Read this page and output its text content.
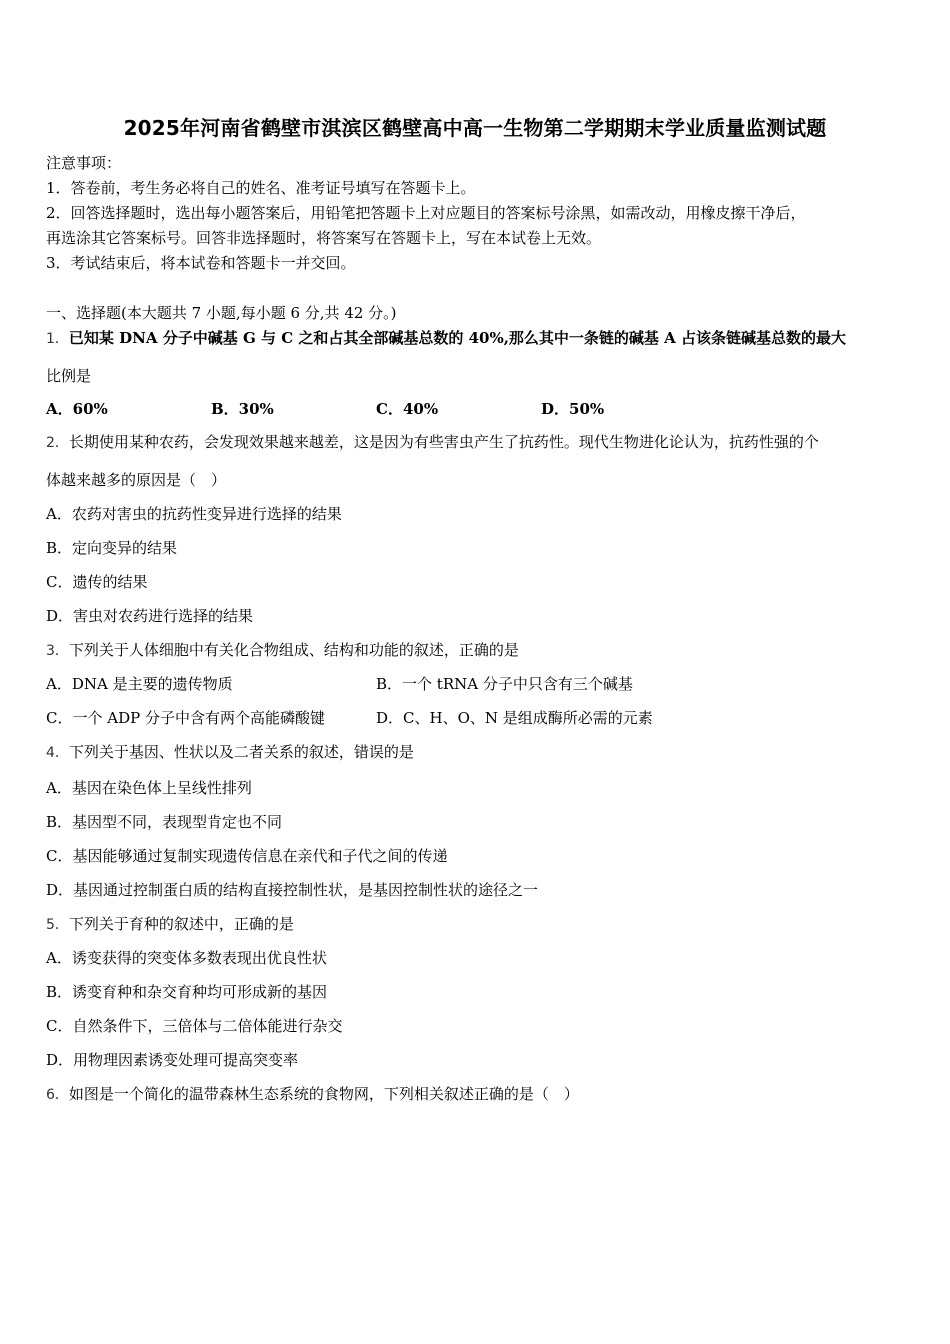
2025年河南省鹤壁市淇滨区鹤壁高中高一生物第二学期期末学业质量监测试题
注意事项：
1．答卷前，考生务必将自己的姓名、准考证号填写在答题卡上。
2．回答选择题时，选出每小题答案后，用铅笔把答题卡上对应题目的答案标号涂黑，如需改动，用橡皮擦干净后，
再选涂其它答案标号。回答非选择题时，将答案写在答题卡上，写在本试卷上无效。
3．考试结束后，将本试卷和答题卡一并交回。
一、选择题(本大题共 7 小题,每小题 6 分,共 42 分。)
1．已知某 DNA 分子中碱基 G 与 C 之和占其全部碱基总数的 40%,那么其中一条链的碱基 A 占该条链碱基总数的最大
比例是
A．60%	B．30%	C．40%	D．50%
2．长期使用某种农药，会发现效果越来越差，这是因为有些害虫产生了抗药性。现代生物进化论认为，抗药性强的个
体越来越多的原因是（　）
A．农药对害虫的抗药性变异进行选择的结果
B．定向变异的结果
C．遗传的结果
D．害虫对农药进行选择的结果
3．下列关于人体细胞中有关化合物组成、结构和功能的叙述，正确的是
A．DNA 是主要的遗传物质	B．一个 tRNA 分子中只含有三个碱基
C．一个 ADP 分子中含有两个高能磷酸键	D．C、H、O、N 是组成酶所必需的元素
4．下列关于基因、性状以及二者关系的叙述，错误的是
A．基因在染色体上呈线性排列
B．基因型不同，表现型肯定也不同
C．基因能够通过复制实现遗传信息在亲代和子代之间的传递
D．基因通过控制蛋白质的结构直接控制性状，是基因控制性状的途径之一
5．下列关于育种的叙述中，正确的是
A．诱变获得的突变体多数表现出优良性状
B．诱变育种和杂交育种均可形成新的基因
C．自然条件下，三倍体与二倍体能进行杂交
D．用物理因素诱变处理可提高突变率
6．如图是一个简化的温带森林生态系统的食物网，下列相关叙述正确的是（　）
